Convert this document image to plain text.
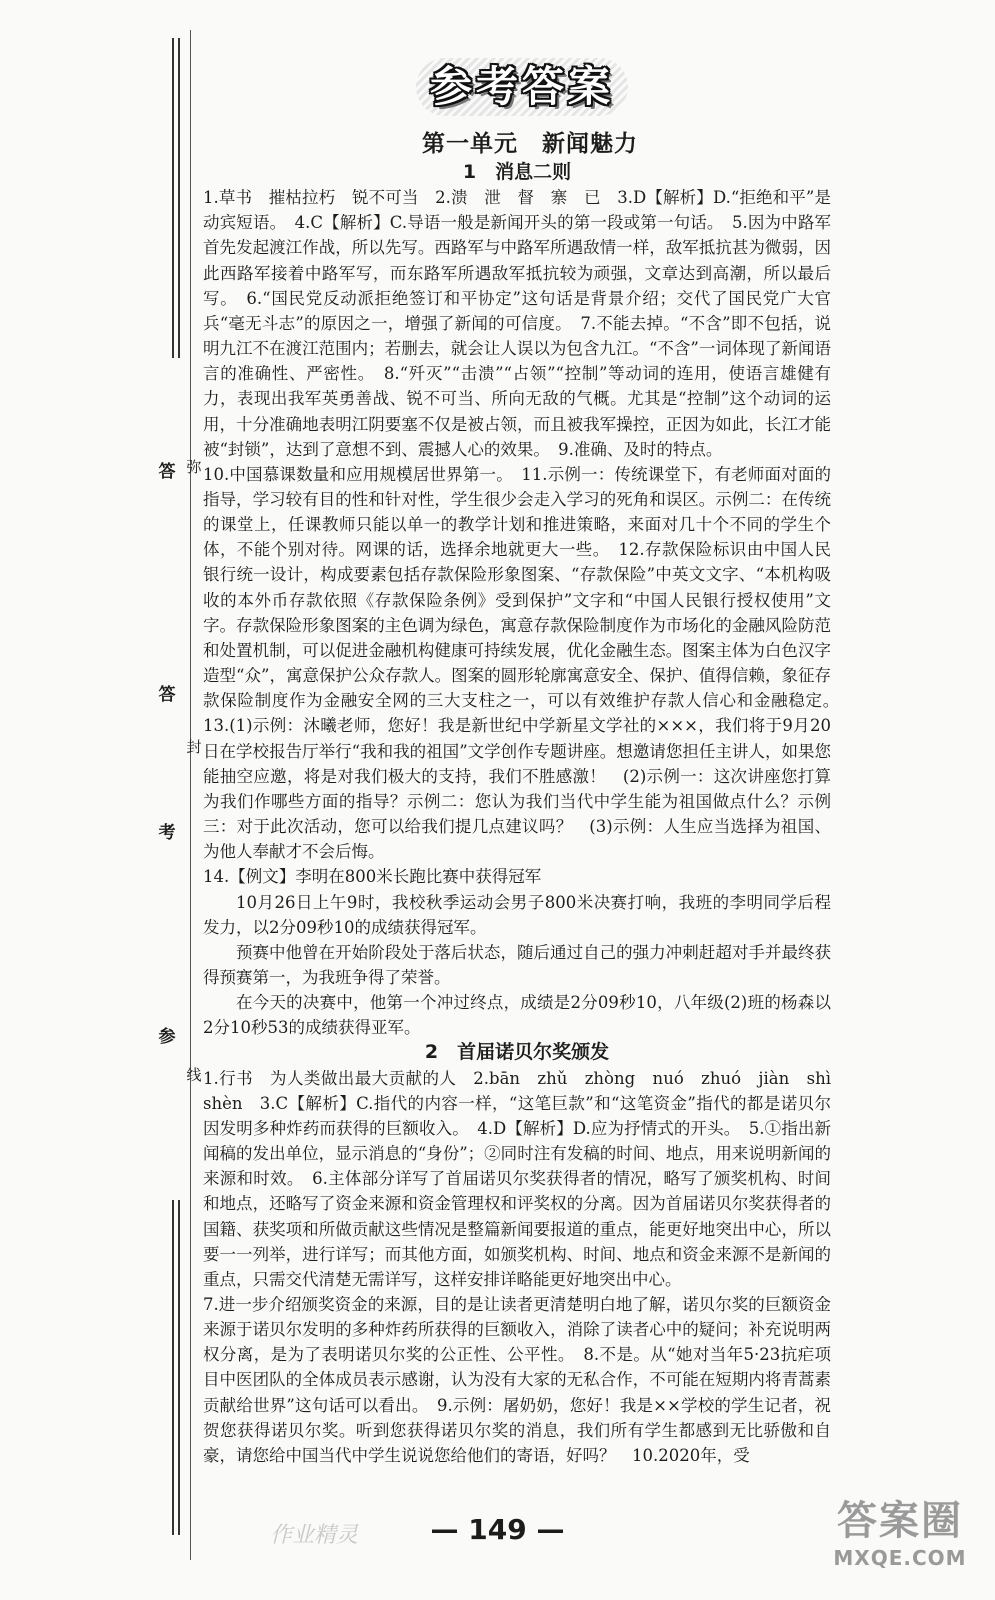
答
答
考
参
弥
封
线
参考答案
第一单元　新闻魅力
1　消息二则

1.草书　摧枯拉朽　锐不可当　2.溃　泄　督　寨　已　3.D【解析】D.“拒绝和平”是动宾短语。　4.C【解析】C.导语一般是新闻开头的第一段或第一句话。　5.因为中路军首先发起渡江作战，所以先写。西路军与中路军所遇敌情一样，敌军抵抗甚为微弱，因此西路军接着中路军写，而东路军所遇敌军抵抗较为顽强，文章达到高潮，所以最后写。　6.“国民党反动派拒绝签订和平协定”这句话是背景介绍；交代了国民党广大官兵“毫无斗志”的原因之一，增强了新闻的可信度。　7.不能去掉。“不含”即不包括，说明九江不在渡江范围内；若删去，就会让人误以为包含九江。“不含”一词体现了新闻语言的准确性、严密性。　8.“歼灭”“击溃”“占领”“控制”等动词的连用，使语言雄健有力，表现出我军英勇善战、锐不可当、所向无敌的气概。尤其是“控制”这个动词的运用，十分准确地表明江阴要塞不仅是被占领，而且被我军操控，正因为如此，长江才能被“封锁”，达到了意想不到、震撼人心的效果。　9.准确、及时的特点。

10.中国慕课数量和应用规模居世界第一。　11.示例一：传统课堂下，有老师面对面的指导，学习较有目的性和针对性，学生很少会走入学习的死角和误区。示例二：在传统的课堂上，任课教师只能以单一的教学计划和推进策略，来面对几十个不同的学生个体，不能个别对待。网课的话，选择余地就更大一些。　12.存款保险标识由中国人民银行统一设计，构成要素包括存款保险形象图案、“存款保险”中英文文字、“本机构吸收的本外币存款依照《存款保险条例》受到保护”文字和“中国人民银行授权使用”文字。存款保险形象图案的主色调为绿色，寓意存款保险制度作为市场化的金融风险防范和处置机制，可以促进金融机构健康可持续发展，优化金融生态。图案主体为白色汉字造型“众”，寓意保护公众存款人。图案的圆形轮廓寓意安全、保护、值得信赖，象征存款保险制度作为金融安全网的三大支柱之一，可以有效维护存款人信心和金融稳定。　13.(1)示例：沐曦老师，您好！我是新世纪中学新星文学社的×××，我们将于9月20日在学校报告厅举行“我和我的祖国”文学创作专题讲座。想邀请您担任主讲人，如果您能抽空应邀，将是对我们极大的支持，我们不胜感激！　(2)示例一：这次讲座您打算为我们作哪些方面的指导？示例二：您认为我们当代中学生能为祖国做点什么？示例三：对于此次活动，您可以给我们提几点建议吗？　(3)示例：人生应当选择为祖国、为他人奉献才不会后悔。

14.【例文】李明在800米长跑比赛中获得冠军

10月26日上午9时，我校秋季运动会男子800米决赛打响，我班的李明同学后程发力，以2分09秒10的成绩获得冠军。

预赛中他曾在开始阶段处于落后状态，随后通过自己的强力冲刺赶超对手并最终获得预赛第一，为我班争得了荣誉。

在今天的决赛中，他第一个冲过终点，成绩是2分09秒10，八年级(2)班的杨森以2分10秒53的成绩获得亚军。

2　首届诺贝尔奖颁发

1.行书　为人类做出最大贡献的人　2.bān　zhǔ　zhòng　nuó　zhuó　jiàn　shì　shèn　3.C【解析】C.指代的内容一样，“这笔巨款”和“这笔资金”指代的都是诺贝尔因发明多种炸药而获得的巨额收入。　4.D【解析】D.应为抒情式的开头。　5.①指出新闻稿的发出单位，显示消息的“身份”；②同时注有发稿的时间、地点，用来说明新闻的来源和时效。　6.主体部分详写了首届诺贝尔奖获得者的情况，略写了颁奖机构、时间和地点，还略写了资金来源和资金管理权和评奖权的分离。因为首届诺贝尔奖获得者的国籍、获奖项和所做贡献这些情况是整篇新闻要报道的重点，能更好地突出中心，所以要一一列举，进行详写；而其他方面，如颁奖机构、时间、地点和资金来源不是新闻的重点，只需交代清楚无需详写，这样安排详略能更好地突出中心。

7.进一步介绍颁奖资金的来源，目的是让读者更清楚明白地了解，诺贝尔奖的巨额资金来源于诺贝尔发明的多种炸药所获得的巨额收入，消除了读者心中的疑问；补充说明两权分离，是为了表明诺贝尔奖的公正性、公平性。　8.不是。从“她对当年5·23抗疟项目中医团队的全体成员表示感谢，认为没有大家的无私合作，不可能在短期内将青蒿素贡献给世界”这句话可以看出。　9.示例：屠奶奶，您好！我是××学校的学生记者，祝贺您获得诺贝尔奖。听到您获得诺贝尔奖的消息，我们所有学生都感到无比骄傲和自豪，请您给中国当代中学生说说您给他们的寄语，好吗？　10.2020年，受

作业精灵	— 149 —	答案圈
MXQE.COM
